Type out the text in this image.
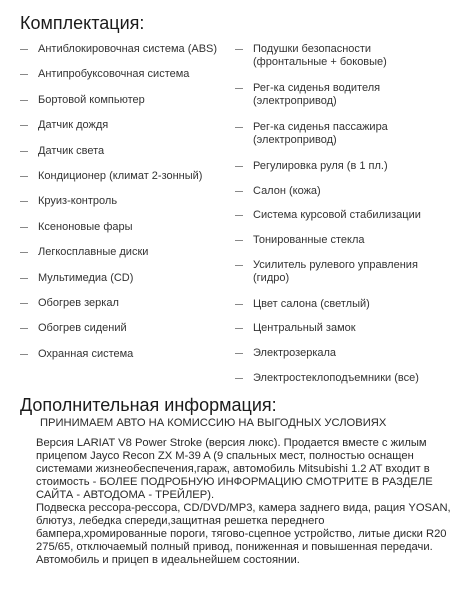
Комплектация:
Антиблокировочная система (ABS)
Антипробуксовочная система
Бортовой компьютер
Датчик дождя
Датчик света
Кондиционер (климат 2-зонный)
Круиз-контроль
Ксеноновые фары
Легкосплавные диски
Мультимедиа (CD)
Обогрев зеркал
Обогрев сидений
Охранная система
Подушки безопасности
(фронтальные + боковые)
Рег-ка сиденья водителя
(электропривод)
Рег-ка сиденья пассажира
(электропривод)
Регулировка руля (в 1 пл.)
Салон (кожа)
Система курсовой стабилизации
Тонированные стекла
Усилитель рулевого управления
(гидро)
Цвет салона (светлый)
Центральный замок
Электрозеркала
Электростеклоподъемники (все)
Дополнительная информация:

ПРИНИМАЕМ АВТО НА КОМИССИЮ НА ВЫГОДНЫХ УСЛОВИЯХ

Версия LARIAT V8 Power Stroke (версия люкс). Продается вместе с жилым прицепом Jayco Recon ZX M-39 A (9 спальных мест, полностью оснащен системами жизнеобеспечения,гараж, автомобиль Mitsubishi 1.2 AT входит в стоимость - БОЛЕЕ ПОДРОБНУЮ ИНФОРМАЦИЮ СМОТРИТЕ В РАЗДЕЛЕ САЙТА - АВТОДОМА - ТРЕЙЛЕР).

Подвеска рессора-рессора, CD/DVD/MP3, камера заднего вида, рация YOSAN, блютуз, лебедка спереди,защитная решетка переднего бампера,хромированные пороги, тягово-сцепное устройство, литые диски R20 275/65, отключаемый полный привод, пониженная и повышенная передачи.

Автомобиль и прицеп в идеальнейшем состоянии.
